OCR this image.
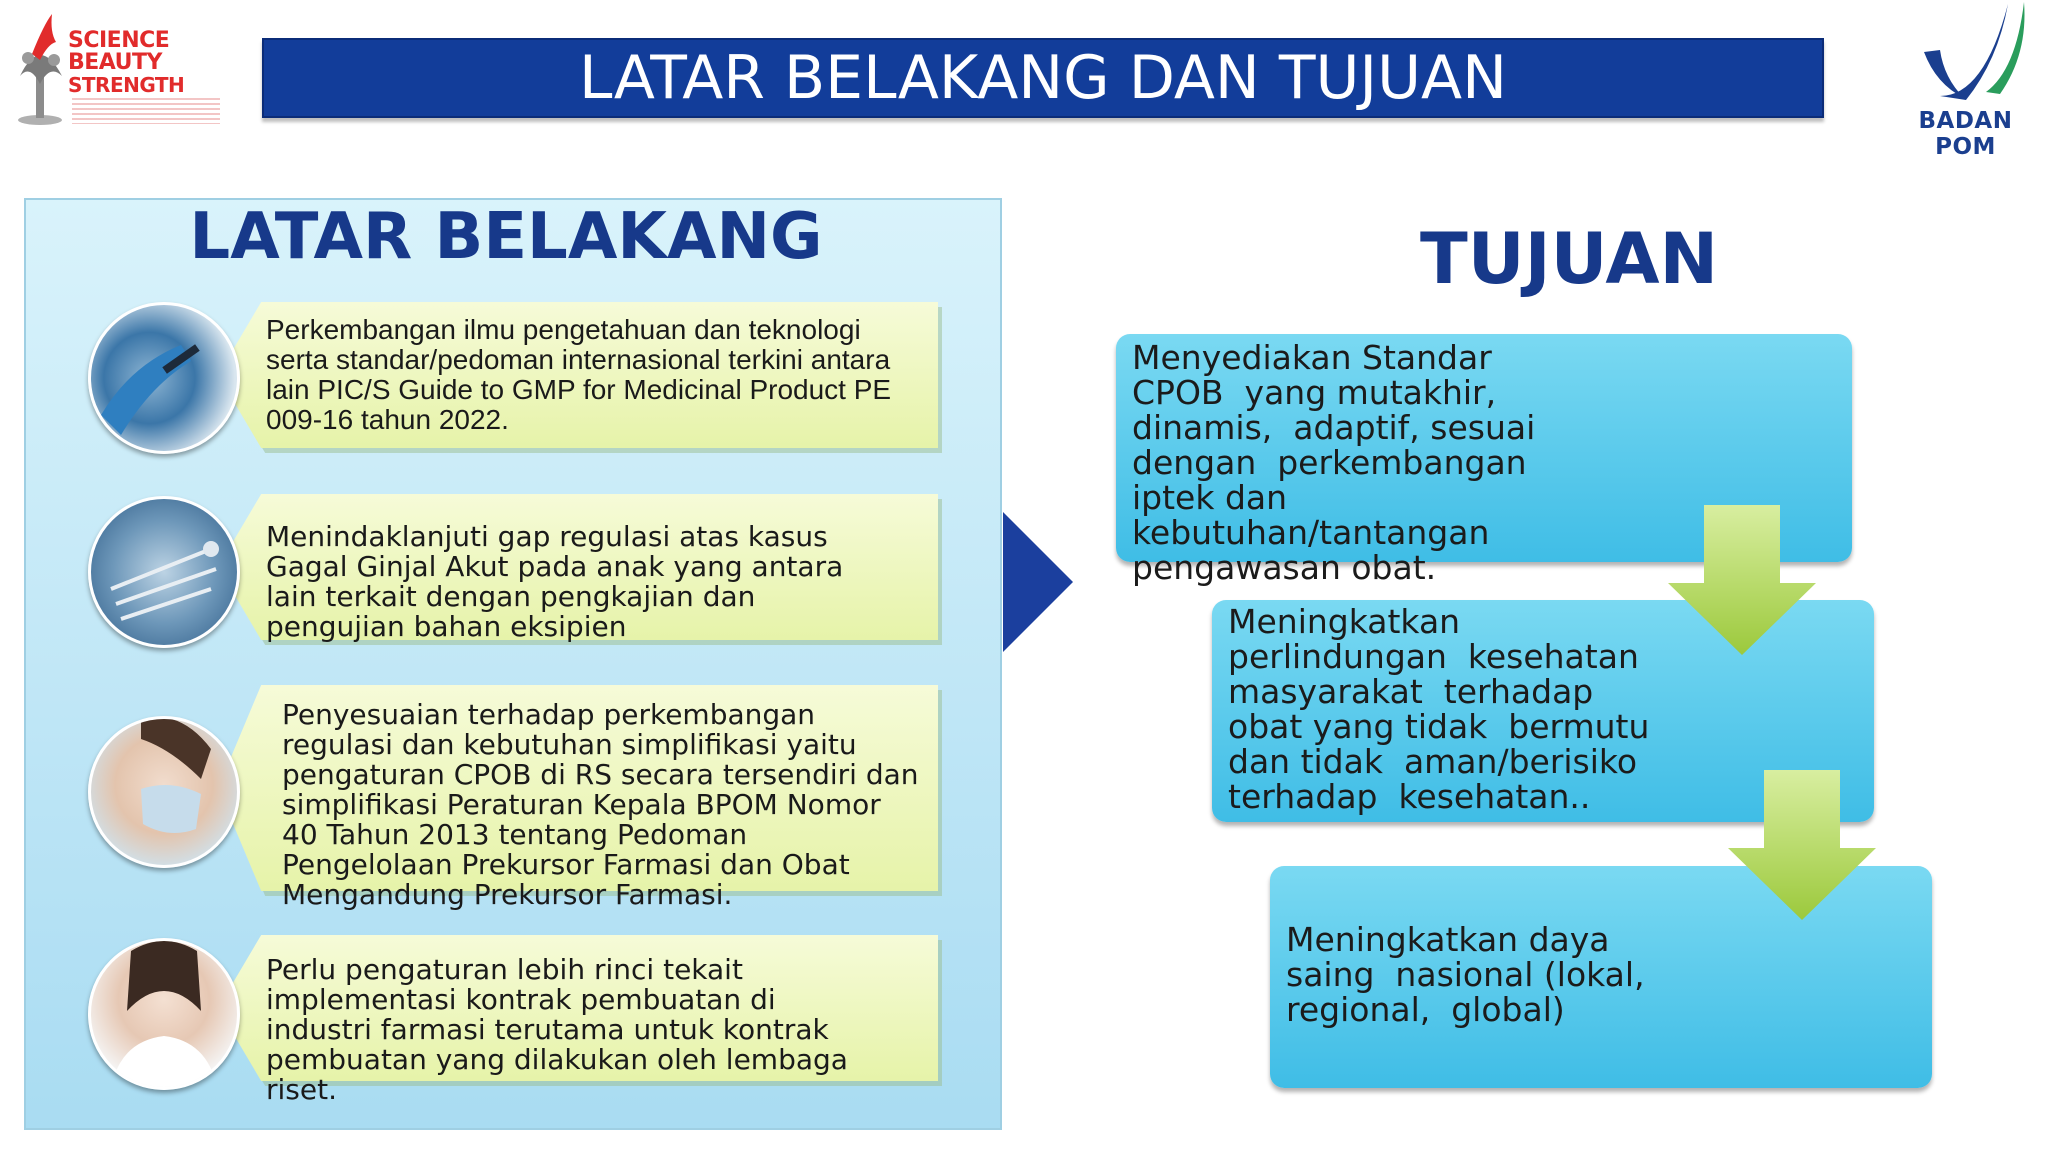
SCIENCE
BEAUTY
STRENGTH	LATAR BELAKANG DAN TUJUAN
BADAN POM
LATAR BELAKANG
Perkembangan ilmu pengetahuan dan teknologi serta standar/pedoman internasional terkini antara lain PIC/S Guide to GMP for Medicinal Product PE 009-16 tahun 2022.
Menindaklanjuti gap regulasi atas kasus Gagal Ginjal Akut pada anak yang antara lain terkait dengan pengkajian dan pengujian bahan eksipien
Penyesuaian terhadap perkembangan regulasi dan kebutuhan simplifikasi yaitu pengaturan CPOB di RS secara tersendiri dan simplifikasi Peraturan Kepala BPOM Nomor 40 Tahun 2013 tentang Pedoman Pengelolaan Prekursor Farmasi dan Obat Mengandung Prekursor Farmasi.
Perlu pengaturan lebih rinci tekait implementasi kontrak pembuatan di industri farmasi terutama untuk kontrak pembuatan yang dilakukan oleh lembaga riset.
TUJUAN
Menyediakan Standar
CPOB  yang mutakhir,
dinamis,  adaptif, sesuai
dengan  perkembangan
iptek dan
kebutuhan/tantangan
pengawasan obat.
Meningkatkan
perlindungan  kesehatan
masyarakat  terhadap
obat yang tidak  bermutu
dan tidak  aman/berisiko
terhadap  kesehatan..
Meningkatkan daya
saing  nasional (lokal,
regional,  global)
